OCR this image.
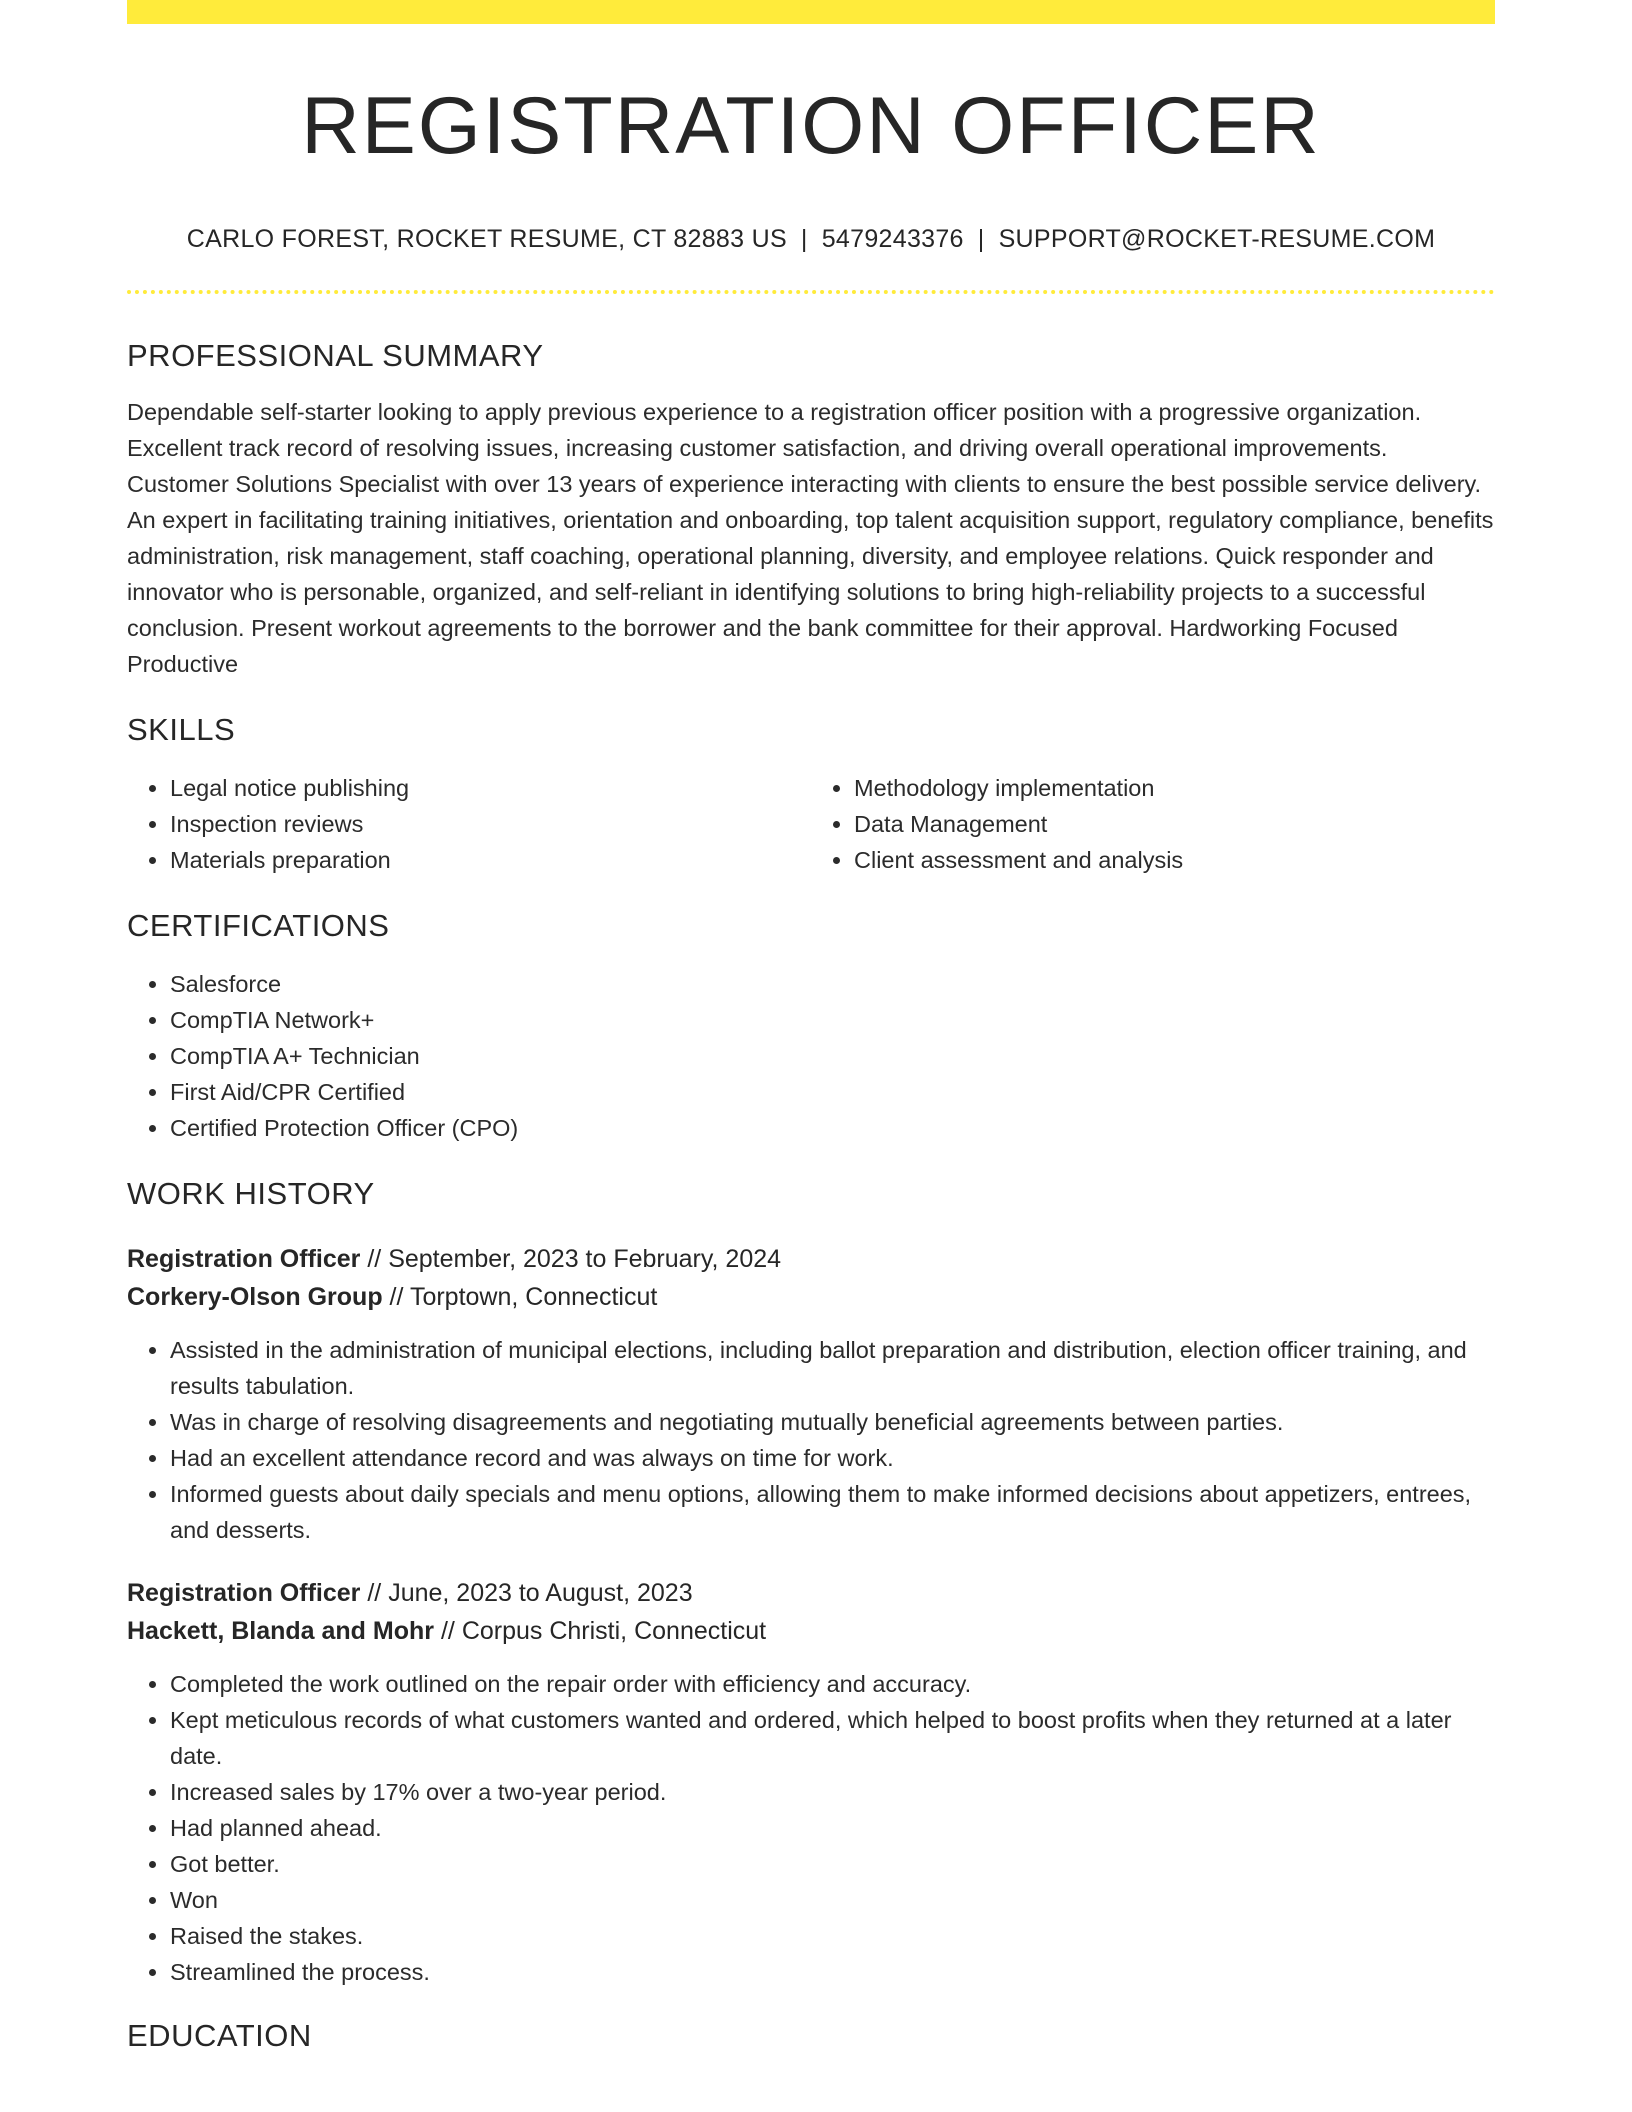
REGISTRATION OFFICER
CARLO FOREST, ROCKET RESUME, CT 82883 US | 5479243376 | SUPPORT@ROCKET-RESUME.COM
PROFESSIONAL SUMMARY
Dependable self-starter looking to apply previous experience to a registration officer position with a progressive organization. Excellent track record of resolving issues, increasing customer satisfaction, and driving overall operational improvements. Customer Solutions Specialist with over 13 years of experience interacting with clients to ensure the best possible service delivery. An expert in facilitating training initiatives, orientation and onboarding, top talent acquisition support, regulatory compliance, benefits administration, risk management, staff coaching, operational planning, diversity, and employee relations. Quick responder and innovator who is personable, organized, and self-reliant in identifying solutions to bring high-reliability projects to a successful conclusion. Present workout agreements to the borrower and the bank committee for their approval. Hardworking Focused Productive
SKILLS
• Legal notice publishing
• Inspection reviews
• Materials preparation
• Methodology implementation
• Data Management
• Client assessment and analysis
CERTIFICATIONS
• Salesforce
• CompTIA Network+
• CompTIA A+ Technician
• First Aid/CPR Certified
• Certified Protection Officer (CPO)
WORK HISTORY
Registration Officer // September, 2023 to February, 2024
Corkery-Olson Group // Torptown, Connecticut
• Assisted in the administration of municipal elections, including ballot preparation and distribution, election officer training, and results tabulation.
• Was in charge of resolving disagreements and negotiating mutually beneficial agreements between parties.
• Had an excellent attendance record and was always on time for work.
• Informed guests about daily specials and menu options, allowing them to make informed decisions about appetizers, entrees, and desserts.
Registration Officer // June, 2023 to August, 2023
Hackett, Blanda and Mohr // Corpus Christi, Connecticut
• Completed the work outlined on the repair order with efficiency and accuracy.
• Kept meticulous records of what customers wanted and ordered, which helped to boost profits when they returned at a later date.
• Increased sales by 17% over a two-year period.
• Had planned ahead.
• Got better.
• Won
• Raised the stakes.
• Streamlined the process.
EDUCATION
